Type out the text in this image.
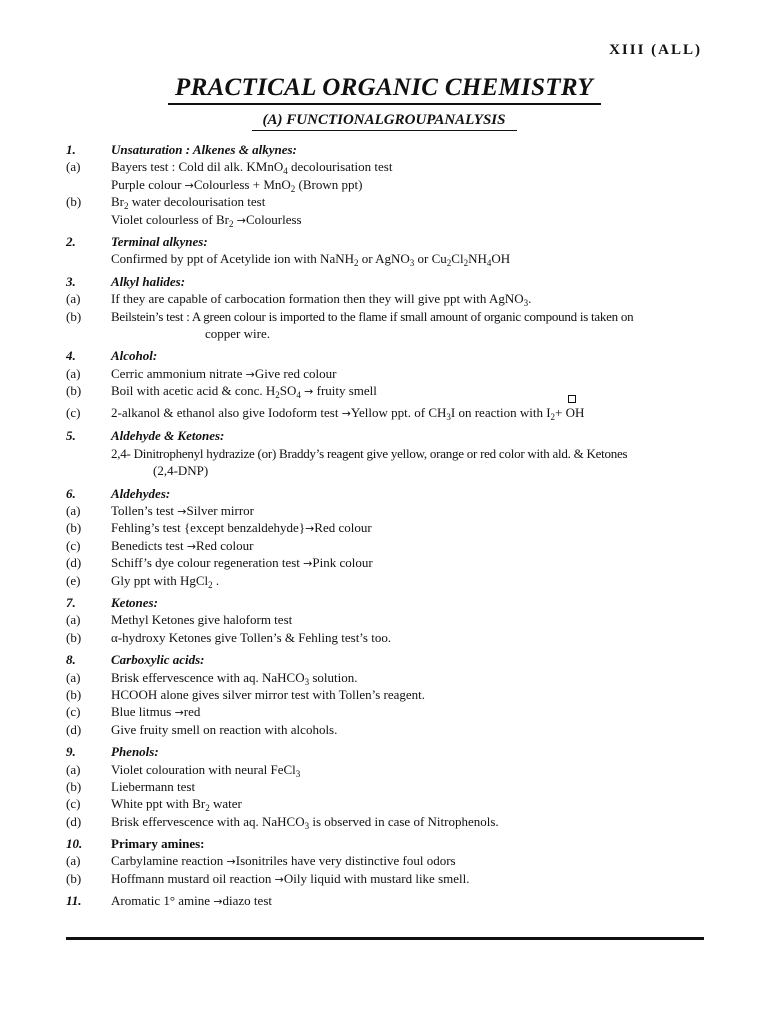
XIII (ALL)
PRACTICAL ORGANIC CHEMISTRY
(A) FUNCTIONALGROUPANALYSIS
1.	Unsaturation : Alkenes & alkynes:
(a) Bayers test : Cold dil alk. KMnO$_4$ decolourisation test
Purple colour →Colourless + MnO$_2$ (Brown ppt)
(b) $Br_2$ water decolourisation test
Violet colourless of $Br_2$ →Colourless
2.	Terminal alkynes:
Confirmed by ppt of Acetylide ion with NaNH$_2$ or AgNO$_3$ or $Cu_2Cl_2NH_4OH$
3.	Alkyl halides:
(a) If they are capable of carbocation formation then they will give ppt with AgNO$_3$.
(b) Beilstein’s test : A green colour is imported to the flame if small amount of organic compound is taken on
copper wire.
4.	Alcohol:
(a) Cerric ammonium nitrate →Give red colour
(b) Boil with acetic acid & conc. $H_2SO_4$ → fruity smell
(c) 2-alkanol & ethanol also give Iodoform test →Yellow ppt. of $CH_3I$ on reaction with $I_2+$
OH
5.	Aldehyde & Ketones:
2,4- Dinitrophenyl hydrazize (or) Braddy’s reagent give yellow, orange or red color with ald. & Ketones
(2,4-DNP)
6.	Aldehydes:
(a) Tollen’s test →Silver mirror
(b) Fehling’s test {except benzaldehyde}→Red colour
(c) Benedicts test →Red colour
(d) Schiff’s dye colour regeneration test →Pink colour
(e) Gly ppt with HgCl$_2$ .
7.	Ketones:
(a) Methyl Ketones give haloform test
(b) α-hydroxy Ketones give Tollen’s & Fehling test’s too.
8.	Carboxylic acids:
(a) Brisk effervescence with aq. NaHCO$_3$ solution.
(b) HCOOH alone gives silver mirror test with Tollen’s reagent.
(c) Blue litmus →red
(d) Give fruity smell on reaction with alcohols.
9.	Phenols:
(a) Violet colouration with neural FeCl$_3$
(b) Liebermann test
(c) White ppt with $Br_2$ water
(d) Brisk effervescence with aq. NaHCO$_3$ is observed in case of Nitrophenols.
10. Primary amines:
(a) Carbylamine reaction →Isonitriles have very distinctive foul odors
(b) Hoffmann mustard oil reaction →Oily liquid with mustard like smell.
11. Aromatic 1° amine →diazo test
